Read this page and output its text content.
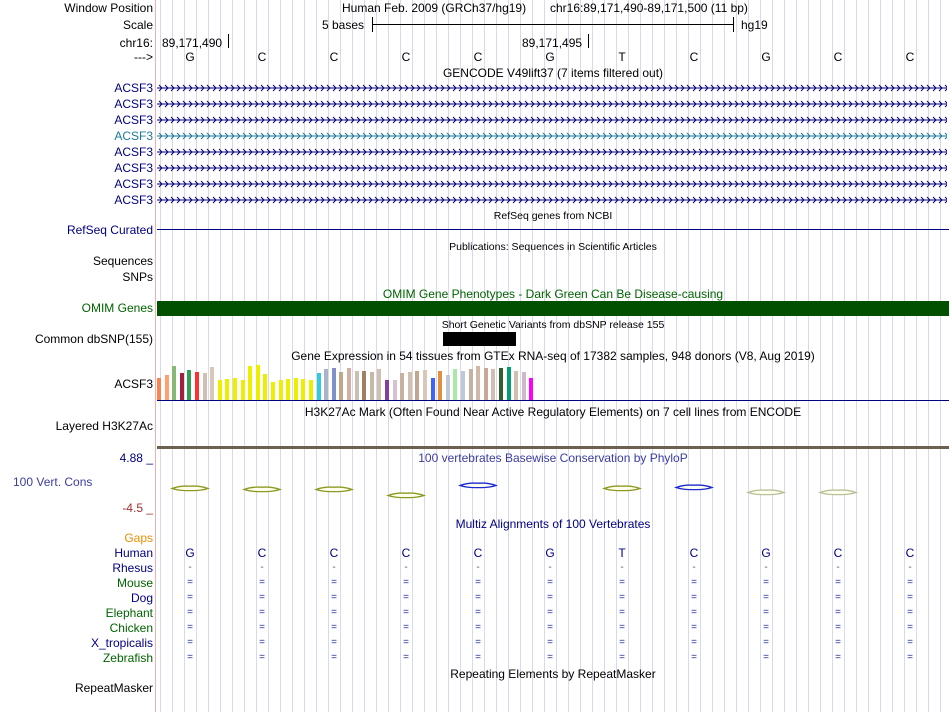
Window Position	Human Feb. 2009 (GRCh37/hg19) chr16:89,171,490-89,171,500 (11 bp)
Scale	5 bases	hg19
chr16: 89,171,490	89,171,495
--->	G	C	C	C	C	G	T	C	G	C	C
GENCODE V49lift37 (7 items filtered out)
ACSF3
ACSF3
ACSF3
ACSF3
ACSF3
ACSF3
ACSF3
ACSF3
RefSeq genes from NCBI
RefSeq Curated
Publications: Sequences in Scientific Articles
Sequences
SNPs
OMIM Gene Phenotypes - Dark Green Can Be Disease-causing
OMIM Genes
Short Genetic Variants from dbSNP release 155
Common dbSNP(155)
Gene Expression in 54 tissues from GTEx RNA-seq of 17382 samples, 948 donors (V8, Aug 2019)
ACSF3
H3K27Ac Mark (Often Found Near Active Regulatory Elements) on 7 cell lines from ENCODE
Layered H3K27Ac
4.88 _	100 vertebrates Basewise Conservation by PhyloP
100 Vert. Cons
-4.5 _
Multiz Alignments of 100 Vertebrates
Gaps
Human	G	C	C	C	C	G	T	C	G	C	C
Rhesus	-	-	-	-	-	-	-	-	-	-	-
Mouse	=	=	=	=	=	=	=	=	=	=	=
Dog	=	=	=	=	=	=	=	=	=	=	=
Elephant	=	=	=	=	=	=	=	=	=	=	=
Chicken	=	=	=	=	=	=	=	=	=	=	=
X_tropicalis	=	=	=	=	=	=	=	=	=	=	=
Zebrafish	=	=	=	=	=	=	=	=	=	=	=
Repeating Elements by RepeatMasker
RepeatMasker
